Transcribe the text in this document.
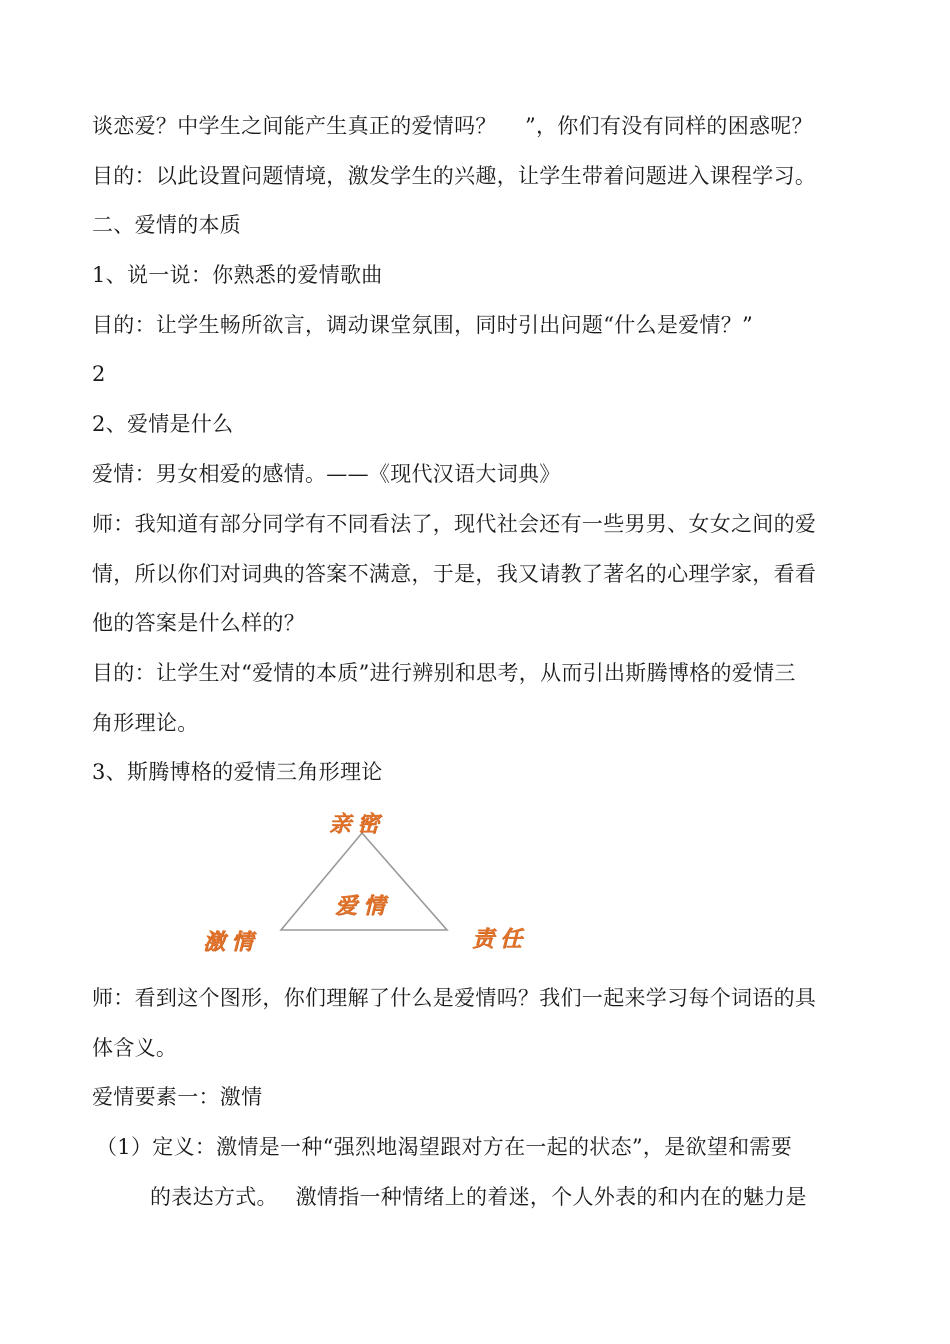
谈恋爱？中学生之间能产生真正的爱情吗？　 ”，你们有没有同样的困惑呢？
目的：以此设置问题情境，激发学生的兴趣，让学生带着问题进入课程学习。
二、爱情的本质
1、说一说：你熟悉的爱情歌曲
目的：让学生畅所欲言，调动课堂氛围，同时引出问题“什么是爱情？”
2
2、爱情是什么
爱情：男女相爱的感情。——《现代汉语大词典》
师：我知道有部分同学有不同看法了，现代社会还有一些男男、女女之间的爱
情，所以你们对词典的答案不满意，于是，我又请教了著名的心理学家，看看
他的答案是什么样的？
目的：让学生对“爱情的本质”进行辨别和思考，从而引出斯腾博格的爱情三
角形理论。
3、斯腾博格的爱情三角形理论
亲密
爱情
激情	责任
师：看到这个图形，你们理解了什么是爱情吗？我们一起来学习每个词语的具
体含义。
爱情要素一：激情
（1）定义：激情是一种“强烈地渴望跟对方在一起的状态”，是欲望和需要
的表达方式。　 激情指一种情绪上的着迷，个人外表的和内在的魅力是
